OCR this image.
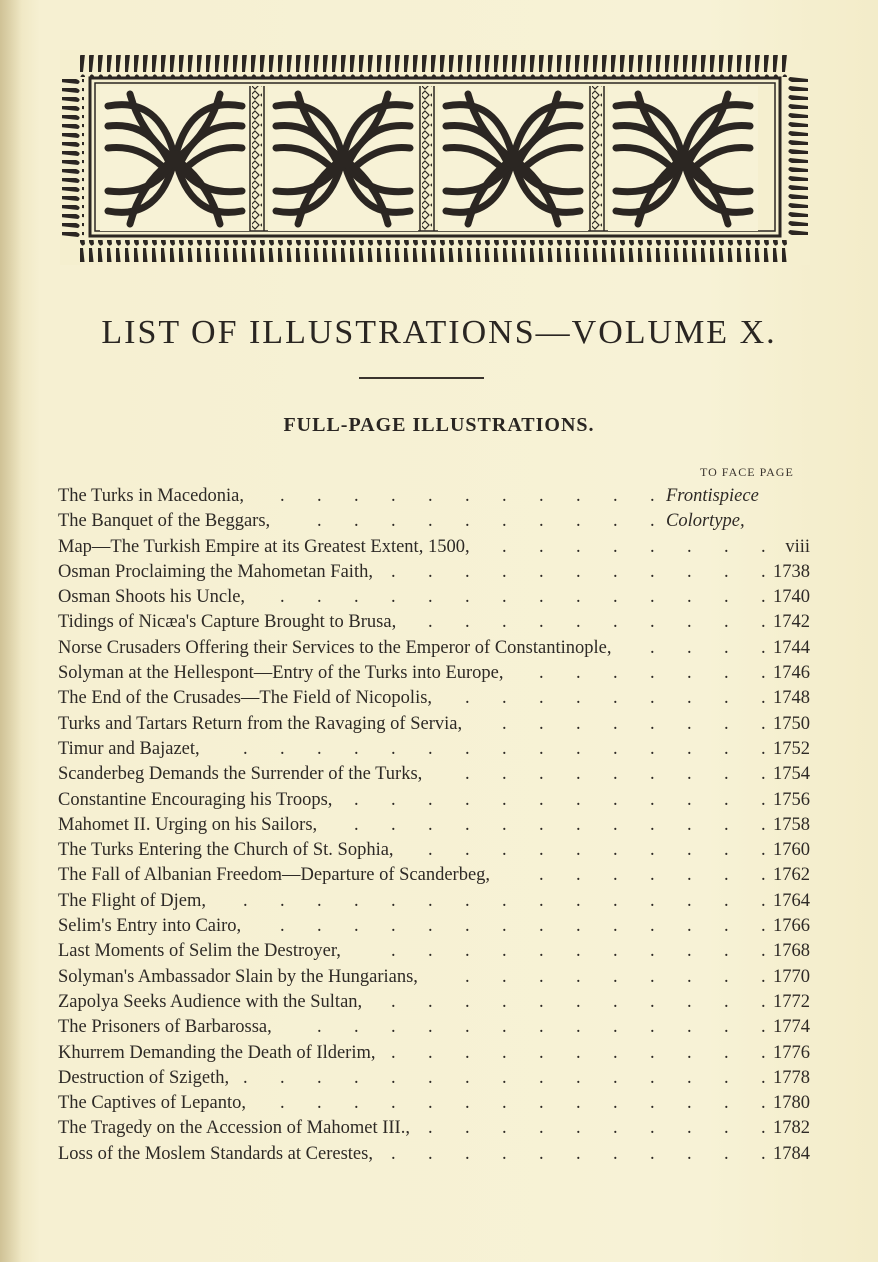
LIST OF ILLUSTRATIONS—VOLUME X.
FULL-PAGE ILLUSTRATIONS.
TO FACE PAGE
The Turks in Macedonia,	Frontispiece
. . . . . . . . . . .
The Banquet of the Beggars,	Colortype,
. . . . . . . . . .
Map—The Turkish Empire at its Greatest Extent, 1500,	viii
. . . . . . . .
Osman Proclaiming the Mahometan Faith,	1738
. . . . . . . . . . .
Osman Shoots his Uncle,	1740
. . . . . . . . . . . . . .
Tidings of Nicæa's Capture Brought to Brusa,	1742
. . . . . . . . . .
Norse Crusaders Offering their Services to the Emperor of Constantinople,	1744
. . . .
Solyman at the Hellespont—Entry of the Turks into Europe,	1746
. . . . . . .
The End of the Crusades—The Field of Nicopolis,	1748
. . . . . . . . .
Turks and Tartars Return from the Ravaging of Servia,	1750
. . . . . . . .
Timur and Bajazet,	1752
. . . . . . . . . . . . . . .
Scanderbeg Demands the Surrender of the Turks,	1754
. . . . . . . . .
Constantine Encouraging his Troops,	1756
. . . . . . . . . . . .
Mahomet II. Urging on his Sailors,	1758
. . . . . . . . . . . .
The Turks Entering the Church of St. Sophia,	1760
. . . . . . . . . .
The Fall of Albanian Freedom—Departure of Scanderbeg,	1762
. . . . . . .
The Flight of Djem,	1764
. . . . . . . . . . . . . . .
Selim's Entry into Cairo,	1766
. . . . . . . . . . . . . .
Last Moments of Selim the Destroyer,	1768
. . . . . . . . . . .
Solyman's Ambassador Slain by the Hungarians,	1770
. . . . . . . . .
Zapolya Seeks Audience with the Sultan,	1772
. . . . . . . . . . .
The Prisoners of Barbarossa,	1774
. . . . . . . . . . . . .
Khurrem Demanding the Death of Ilderim,	1776
. . . . . . . . . . .
Destruction of Szigeth,	1778
. . . . . . . . . . . . . . .
The Captives of Lepanto,	1780
. . . . . . . . . . . . . .
The Tragedy on the Accession of Mahomet III.,	1782
. . . . . . . . . .
Loss of the Moslem Standards at Cerestes,	1784
. . . . . . . . . . .
